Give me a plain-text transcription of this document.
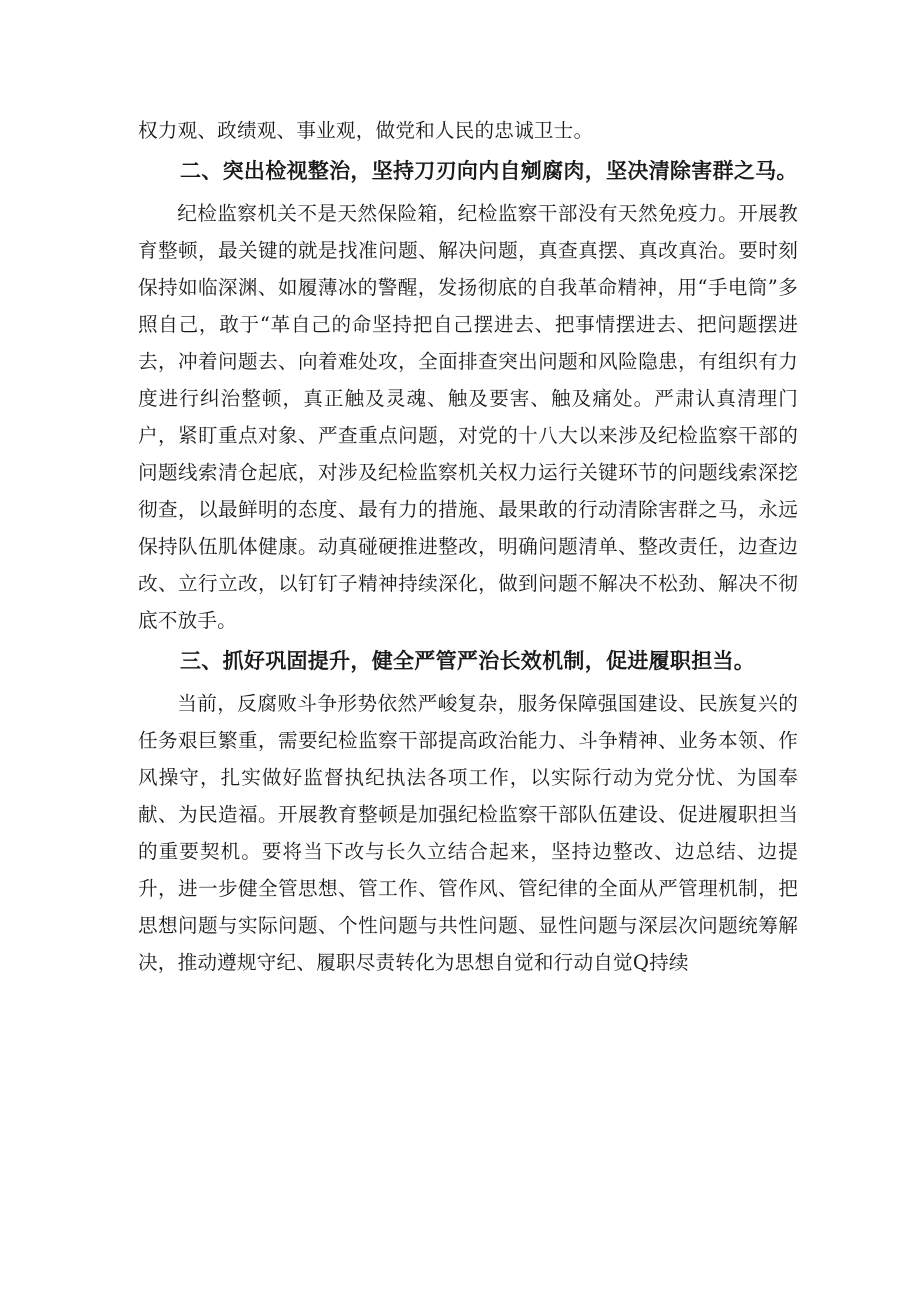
权力观、政绩观、事业观，做党和人民的忠诚卫士。

二、突出检视整治，坚持刀刃向内自剜腐肉，坚决清除害群之马。

纪检监察机关不是天然保险箱，纪检监察干部没有天然免疫力。开展教育整顿，最关键的就是找准问题、解决问题，真查真摆、真改真治。要时刻保持如临深渊、如履薄冰的警醒，发扬彻底的自我革命精神，用“手电筒”多照自己，敢于“革自己的命坚持把自己摆进去、把事情摆进去、把问题摆进去，冲着问题去、向着难处攻，全面排查突出问题和风险隐患，有组织有力度进行纠治整顿，真正触及灵魂、触及要害、触及痛处。严肃认真清理门户，紧盯重点对象、严查重点问题，对党的十八大以来涉及纪检监察干部的问题线索清仓起底，对涉及纪检监察机关权力运行关键环节的问题线索深挖彻查，以最鲜明的态度、最有力的措施、最果敢的行动清除害群之马，永远保持队伍肌体健康。动真碰硬推进整改，明确问题清单、整改责任，边查边改、立行立改，以钉钉子精神持续深化，做到问题不解决不松劲、解决不彻底不放手。

三、抓好巩固提升，健全严管严治长效机制，促进履职担当。

当前，反腐败斗争形势依然严峻复杂，服务保障强国建设、民族复兴的任务艰巨繁重，需要纪检监察干部提高政治能力、斗争精神、业务本领、作风操守，扎实做好监督执纪执法各项工作，以实际行动为党分忧、为国奉献、为民造福。开展教育整顿是加强纪检监察干部队伍建设、促进履职担当的重要契机。要将当下改与长久立结合起来，坚持边整改、边总结、边提升，进一步健全管思想、管工作、管作风、管纪律的全面从严管理机制，把思想问题与实际问题、个性问题与共性问题、显性问题与深层次问题统筹解决，推动遵规守纪、履职尽责转化为思想自觉和行动自觉Q持续
